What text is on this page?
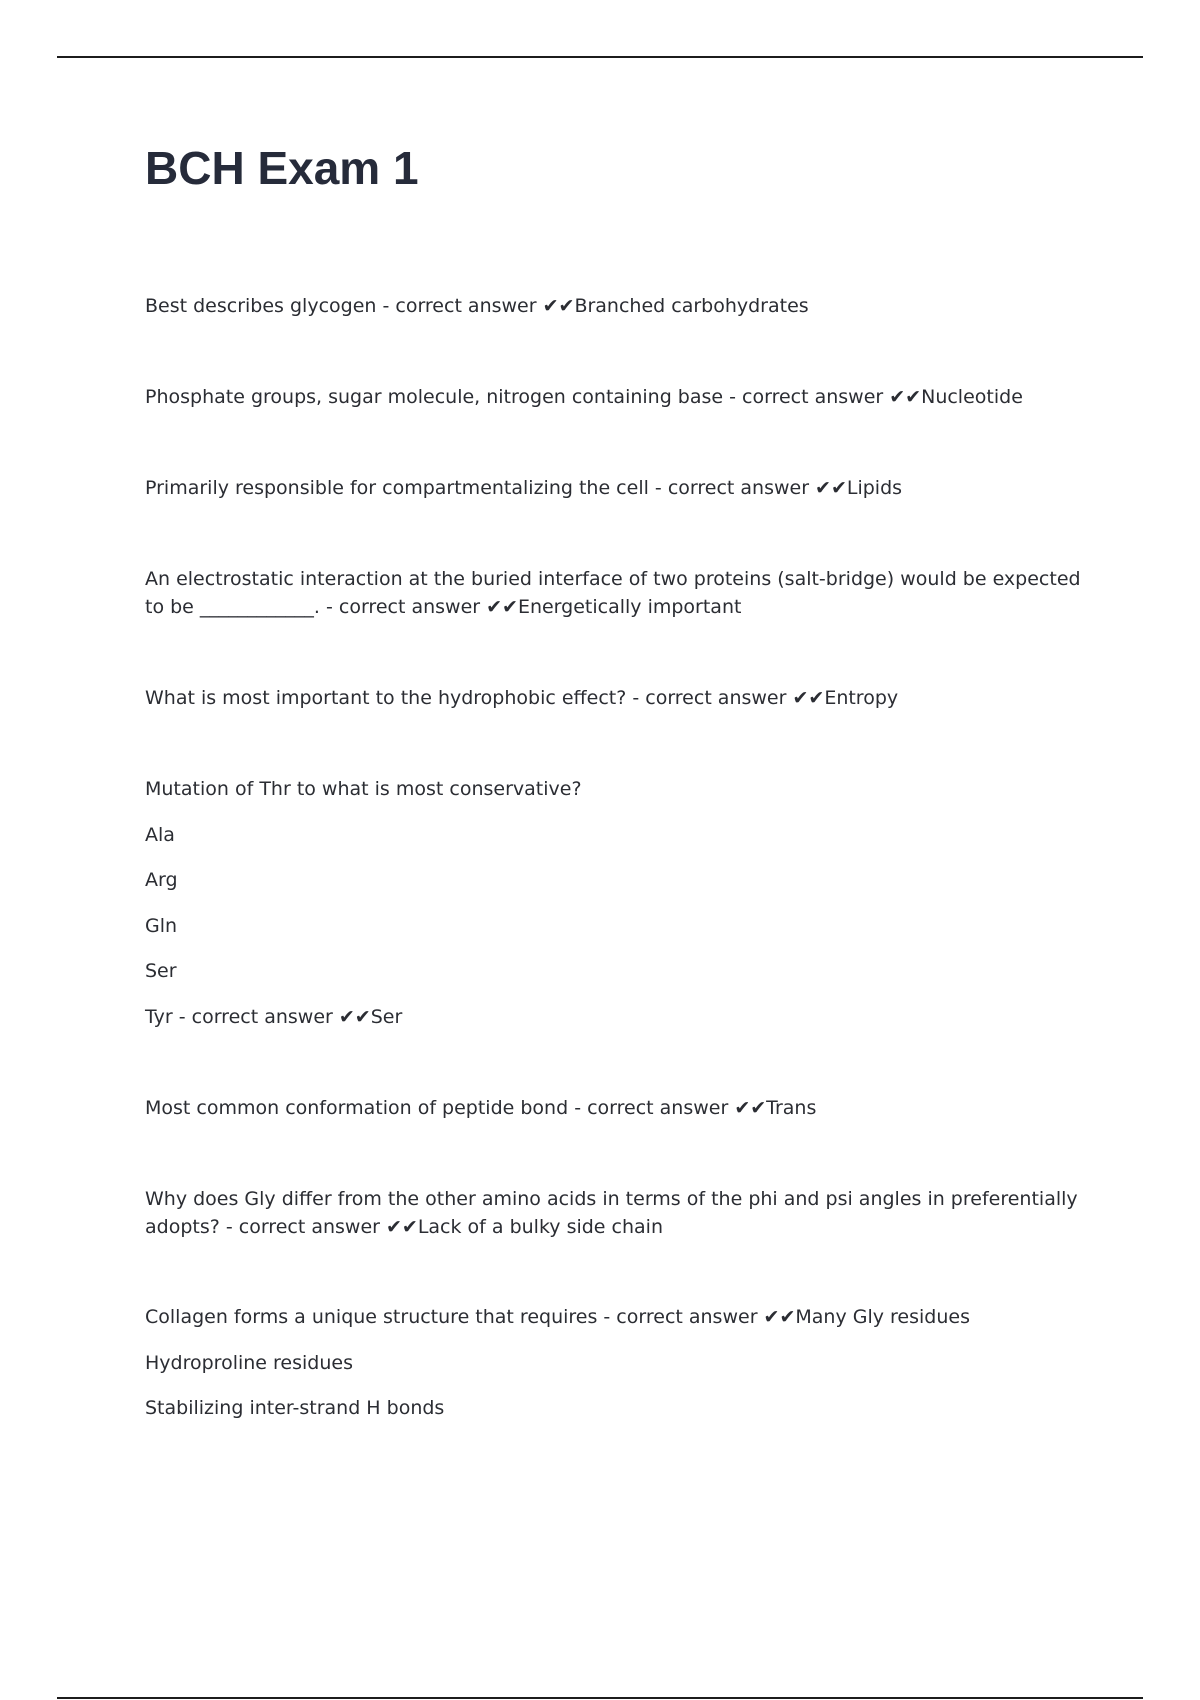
BCH Exam 1

Best describes glycogen - correct answer ✔✔Branched carbohydrates

Phosphate groups, sugar molecule, nitrogen containing base - correct answer ✔✔Nucleotide

Primarily responsible for compartmentalizing the cell - correct answer ✔✔Lipids

An electrostatic interaction at the buried interface of two proteins (salt-bridge) would be expected to be ____________. - correct answer ✔✔Energetically important

What is most important to the hydrophobic effect? - correct answer ✔✔Entropy

Mutation of Thr to what is most conservative?

Ala

Arg

Gln

Ser

Tyr - correct answer ✔✔Ser

Most common conformation of peptide bond - correct answer ✔✔Trans

Why does Gly differ from the other amino acids in terms of the phi and psi angles in preferentially adopts? - correct answer ✔✔Lack of a bulky side chain

Collagen forms a unique structure that requires - correct answer ✔✔Many Gly residues

Hydroproline residues

Stabilizing inter-strand H bonds
